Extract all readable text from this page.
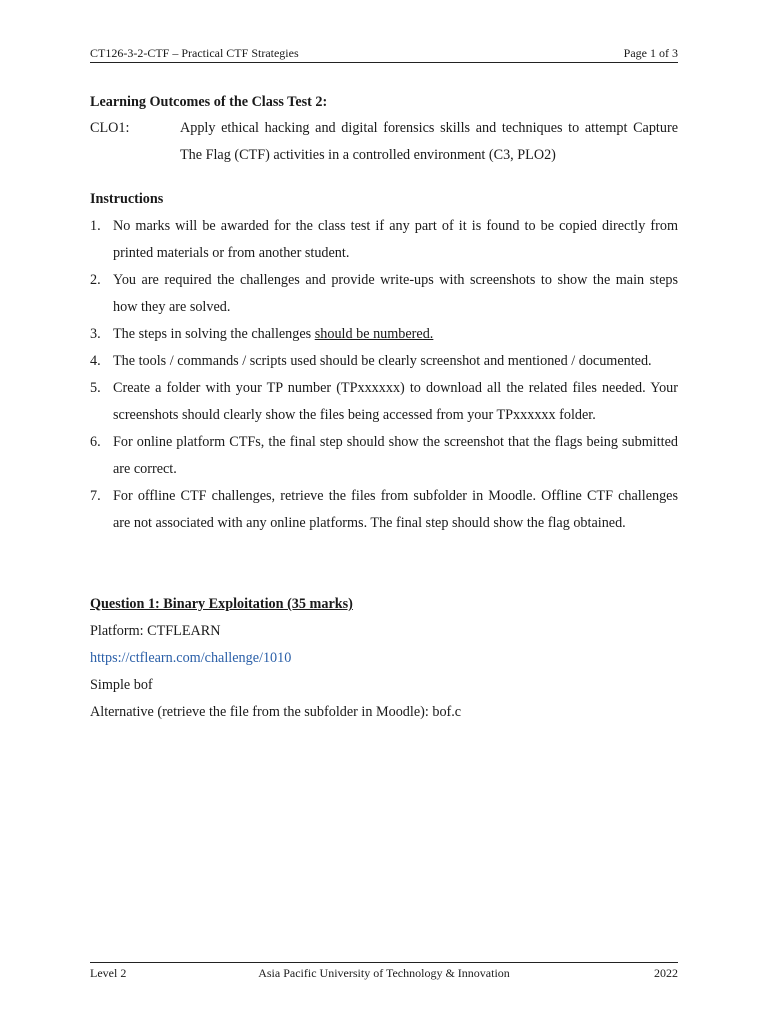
CT126-3-2-CTF – Practical CTF Strategies	Page 1 of 3
Learning Outcomes of the Class Test 2:
CLO1:	Apply ethical hacking and digital forensics skills and techniques to attempt Capture The Flag (CTF) activities in a controlled environment (C3, PLO2)
Instructions
1. No marks will be awarded for the class test if any part of it is found to be copied directly from printed materials or from another student.
2. You are required the challenges and provide write-ups with screenshots to show the main steps how they are solved.
3. The steps in solving the challenges should be numbered.
4. The tools / commands / scripts used should be clearly screenshot and mentioned / documented.
5. Create a folder with your TP number (TPxxxxxx) to download all the related files needed. Your screenshots should clearly show the files being accessed from your TPxxxxxx folder.
6. For online platform CTFs, the final step should show the screenshot that the flags being submitted are correct.
7. For offline CTF challenges, retrieve the files from subfolder in Moodle. Offline CTF challenges are not associated with any online platforms. The final step should show the flag obtained.
Question 1: Binary Exploitation (35 marks)
Platform: CTFLEARN
https://ctflearn.com/challenge/1010
Simple bof
Alternative (retrieve the file from the subfolder in Moodle): bof.c
Level 2	Asia Pacific University of Technology & Innovation	2022
